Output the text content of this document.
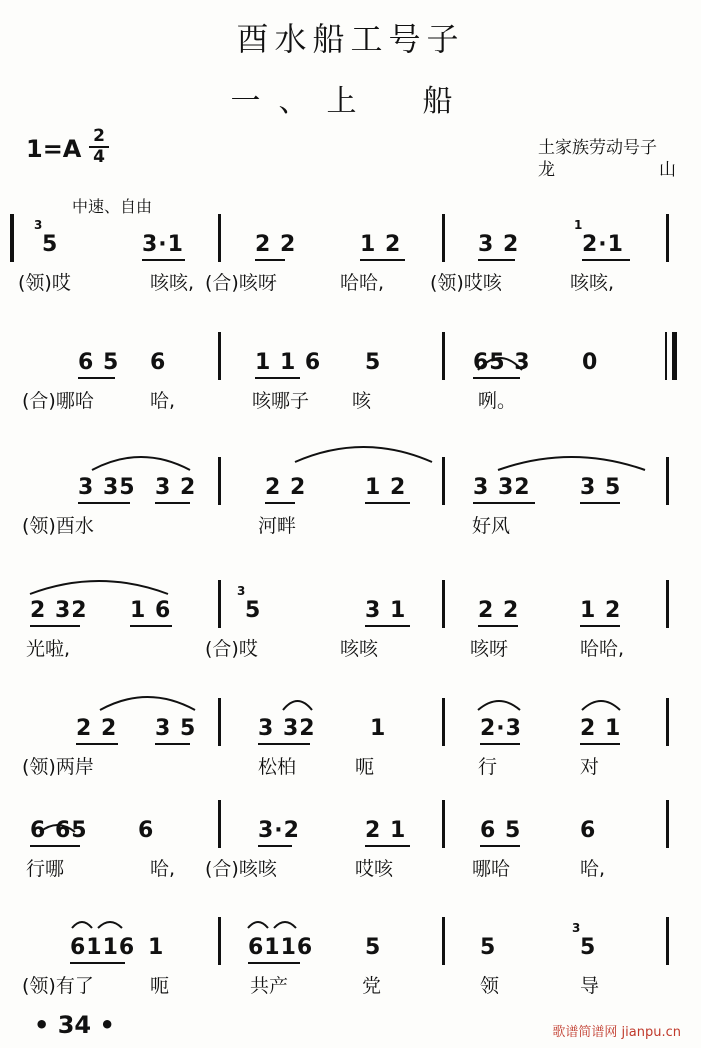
酉水船工号子
一、上　船
1=A 2
4	土家族劳动号子
龙	山
中速、自由
5
3
3·1	2 2	1 2	3 2	2·1
1
(领)哎	咳咳, (合)咳呀	哈哈, (领)哎咳	咳咳,
6 5 6	1 1 6 5	65 3 0
(合)哪哈	哈,	咳哪子 咳	咧。
3 35 3 2	2 2	1 2	3 32 3 5
(领)酉水	河畔	好风
2 32 1 6	5
3
3 1	2 2	1 2
光啦,	(合)哎	咳咳	咳呀	哈哈,
2 2 3 5	3 32 1	2·3	2 1
(领)两岸	松柏	呃	行	对
6 65 6	3·2	2 1	6 5	6
行哪	哈, (合)咳咳	哎咳	哪哈	哈,
6116 1	6116 5	5	5
3
(领)有了	呃	共产	党	领	导
• 34 •	歌谱简谱网 jianpu.cn
